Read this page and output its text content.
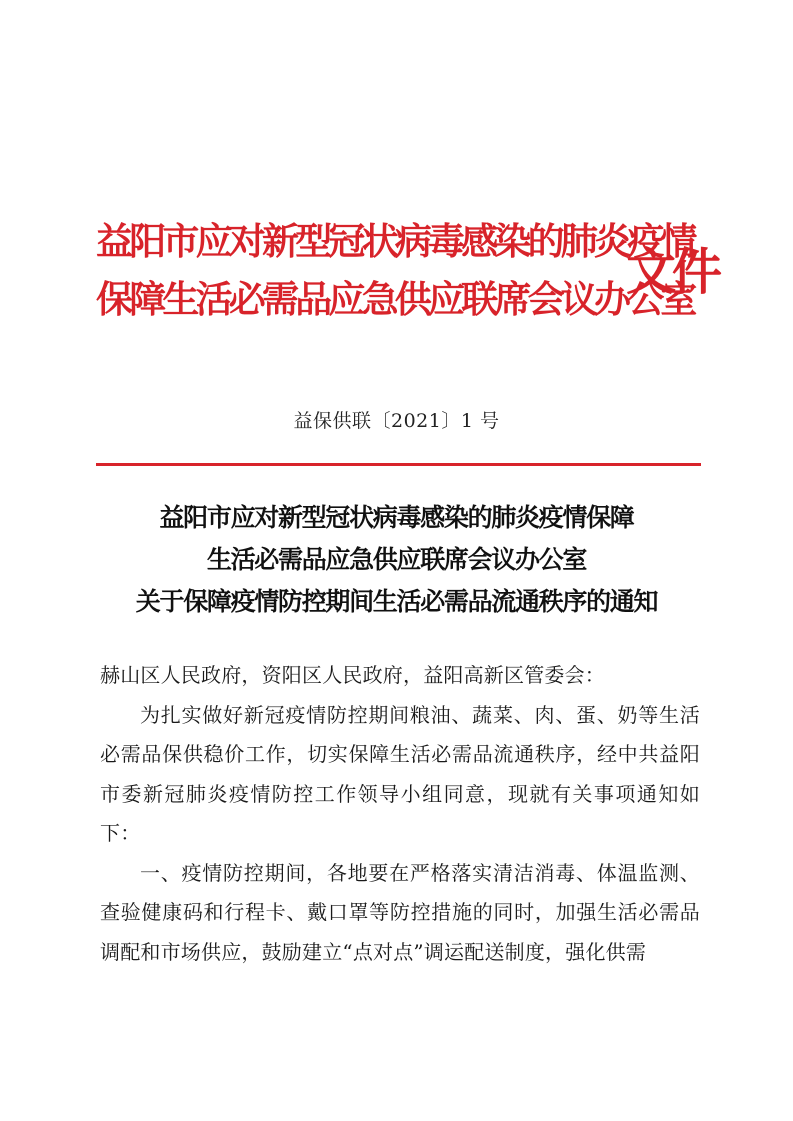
益阳市应对新型冠状病毒感染的肺炎疫情
保障生活必需品应急供应联席会议办公室
文件
益保供联〔2021〕1 号
益阳市应对新型冠状病毒感染的肺炎疫情保障
生活必需品应急供应联席会议办公室
关于保障疫情防控期间生活必需品流通秩序的通知

赫山区人民政府，资阳区人民政府，益阳高新区管委会：

为扎实做好新冠疫情防控期间粮油、蔬菜、肉、蛋、奶等生活必需品保供稳价工作，切实保障生活必需品流通秩序，经中共益阳市委新冠肺炎疫情防控工作领导小组同意，现就有关事项通知如下：

一、疫情防控期间，各地要在严格落实清洁消毒、体温监测、查验健康码和行程卡、戴口罩等防控措施的同时，加强生活必需品调配和市场供应，鼓励建立“点对点”调运配送制度，强化供需
